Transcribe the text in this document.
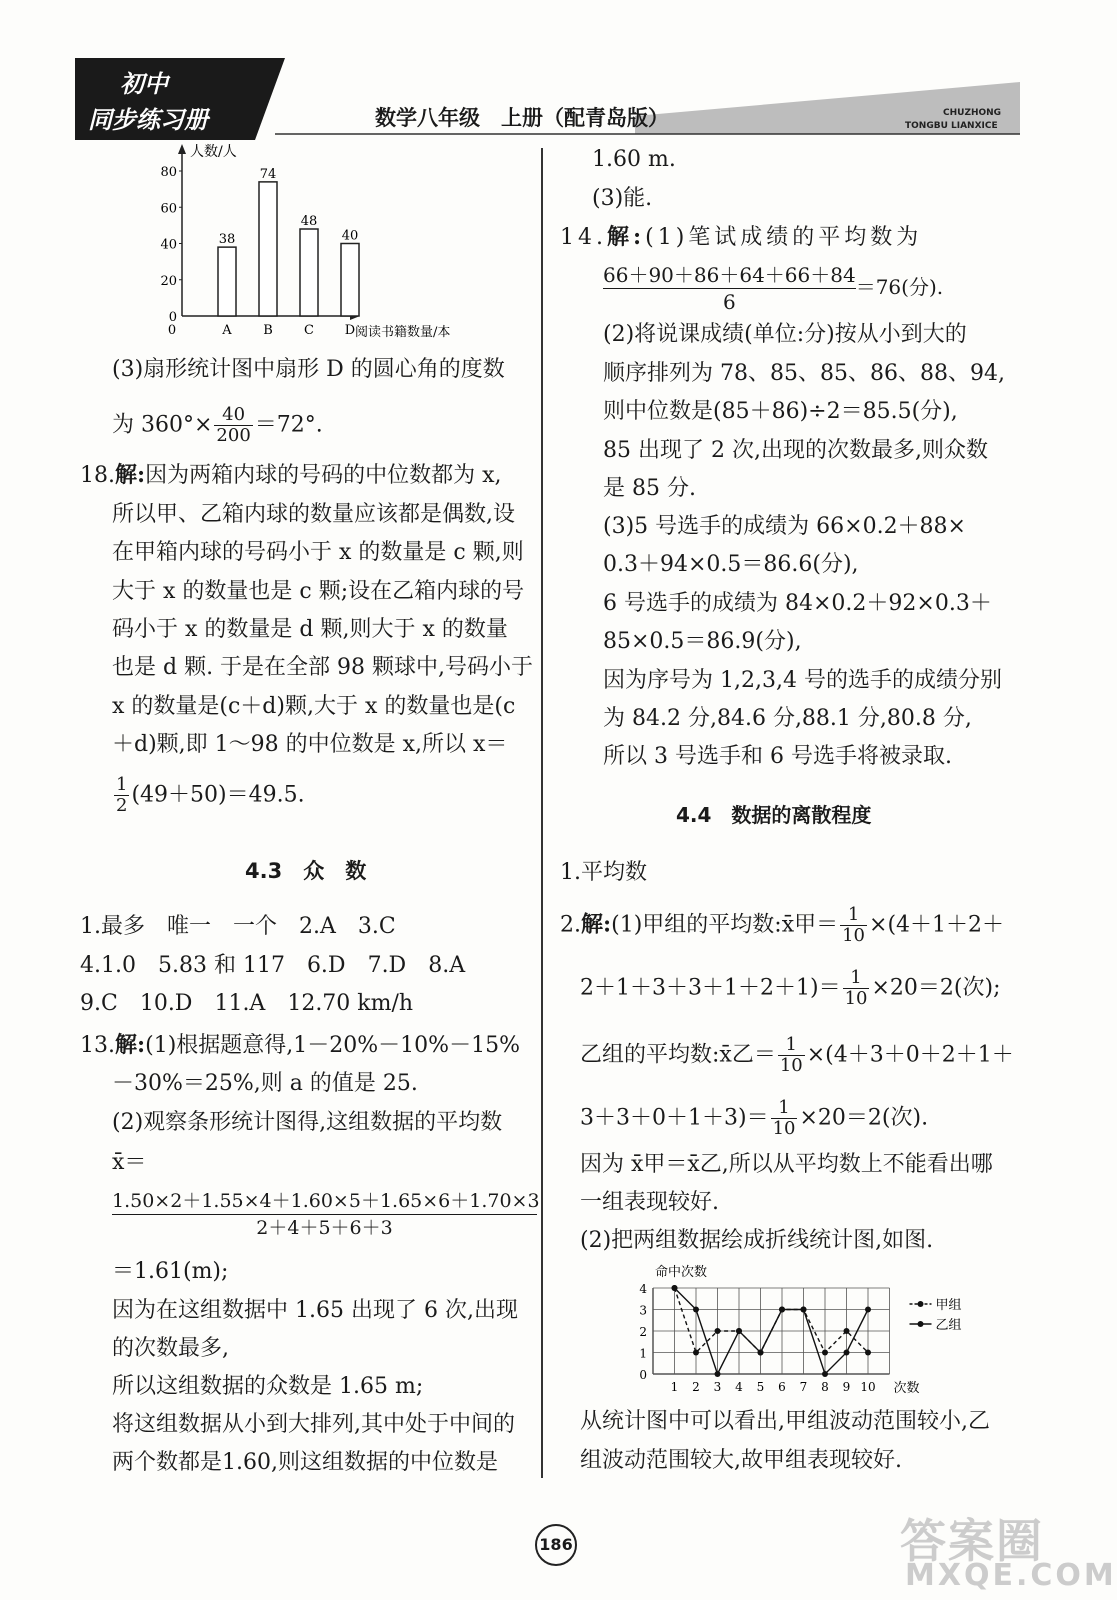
初中
同步练习册	数学八年级　上册（配青岛版）	CHUZHONG
TONGBU LIANXICE
人数/人
阅读书籍数量/本
0
20
40
60
80
38
A
74
B
48
C
40
D
0
(3)扇形统计图中扇形 D 的圆心角的度数
为 $360^\circ\times \frac{40}{200} =72^\circ$.
18.解:因为两箱内球的号码的中位数都为 x,
所以甲、乙箱内球的数量应该都是偶数,设
在甲箱内球的号码小于 x 的数量是 c 颗,则
大于 x 的数量也是 c 颗;设在乙箱内球的号
码小于 x 的数量是 d 颗,则大于 x 的数量
也是 d 颗. 于是在全部 98 颗球中,号码小于
x 的数量是(c＋d)颗,大于 x 的数量也是(c
＋d)颗,即 1～98 的中位数是 x,所以 x＝
$\frac{1}{2} (49+50)=49.5$.
4.3　众　数
1.最多　唯一　一个　2.A　3.C
4.1.0　5.83 和 117　6.D　7.D　8.A
9.C　10.D　11.A　12.70 km/h
13.解:(1)根据题意得,1－20%－10%－15%
－30%＝25%,则 a 的值是 25.
(2)观察条形统计图得,这组数据的平均数
x̄＝
$\frac{1.50\times 2+1.55\times 4+1.60\times 5+1.65\times 6+1.70\times 3}{2+4+5+6+3}$
＝1.61(m);
因为在这组数据中 1.65 出现了 6 次,出现
的次数最多,
所以这组数据的众数是 1.65 m;
将这组数据从小到大排列,其中处于中间的
两个数都是1.60,则这组数据的中位数是
1.60 m.
(3)能.
14.解:(1)笔试成绩的平均数为
$\frac{66+90+86+64+66+84}{6} =76$(分).
(2)将说课成绩(单位:分)按从小到大的
顺序排列为 78、85、85、86、88、94,
则中位数是(85＋86)÷2＝85.5(分),
85 出现了 2 次,出现的次数最多,则众数
是 85 分.
(3)5 号选手的成绩为 66×0.2＋88×
0.3＋94×0.5＝86.6(分),
6 号选手的成绩为 84×0.2＋92×0.3＋
85×0.5＝86.9(分),
因为序号为 1,2,3,4 号的选手的成绩分别
为 84.2 分,84.6 分,88.1 分,80.8 分,
所以 3 号选手和 6 号选手将被录取.
4.4　数据的离散程度
1.平均数
2.解:(1)甲组的平均数:x̄甲＝ $\frac{1}{10} \times(4+1+2+$
$2+1+3+3+1+2+1)= \frac{1}{10} \times 20=2$(次);
乙组的平均数:x̄乙＝ $\frac{1}{10} \times(4+3+0+2+1+$
$3+3+0+1+3)= \frac{1}{10} \times 20=2$(次).
因为 x̄甲＝x̄乙,所以从平均数上不能看出哪
一组表现较好.
(2)把两组数据绘成折线统计图,如图.
命中次数
次数
0
1
2
3
4
1 2 3 4 5 6 7 8 9 10
甲组
乙组
从统计图中可以看出,甲组波动范围较小,乙
组波动范围较大,故甲组表现较好.
186	答案圈
MXQE.COM
